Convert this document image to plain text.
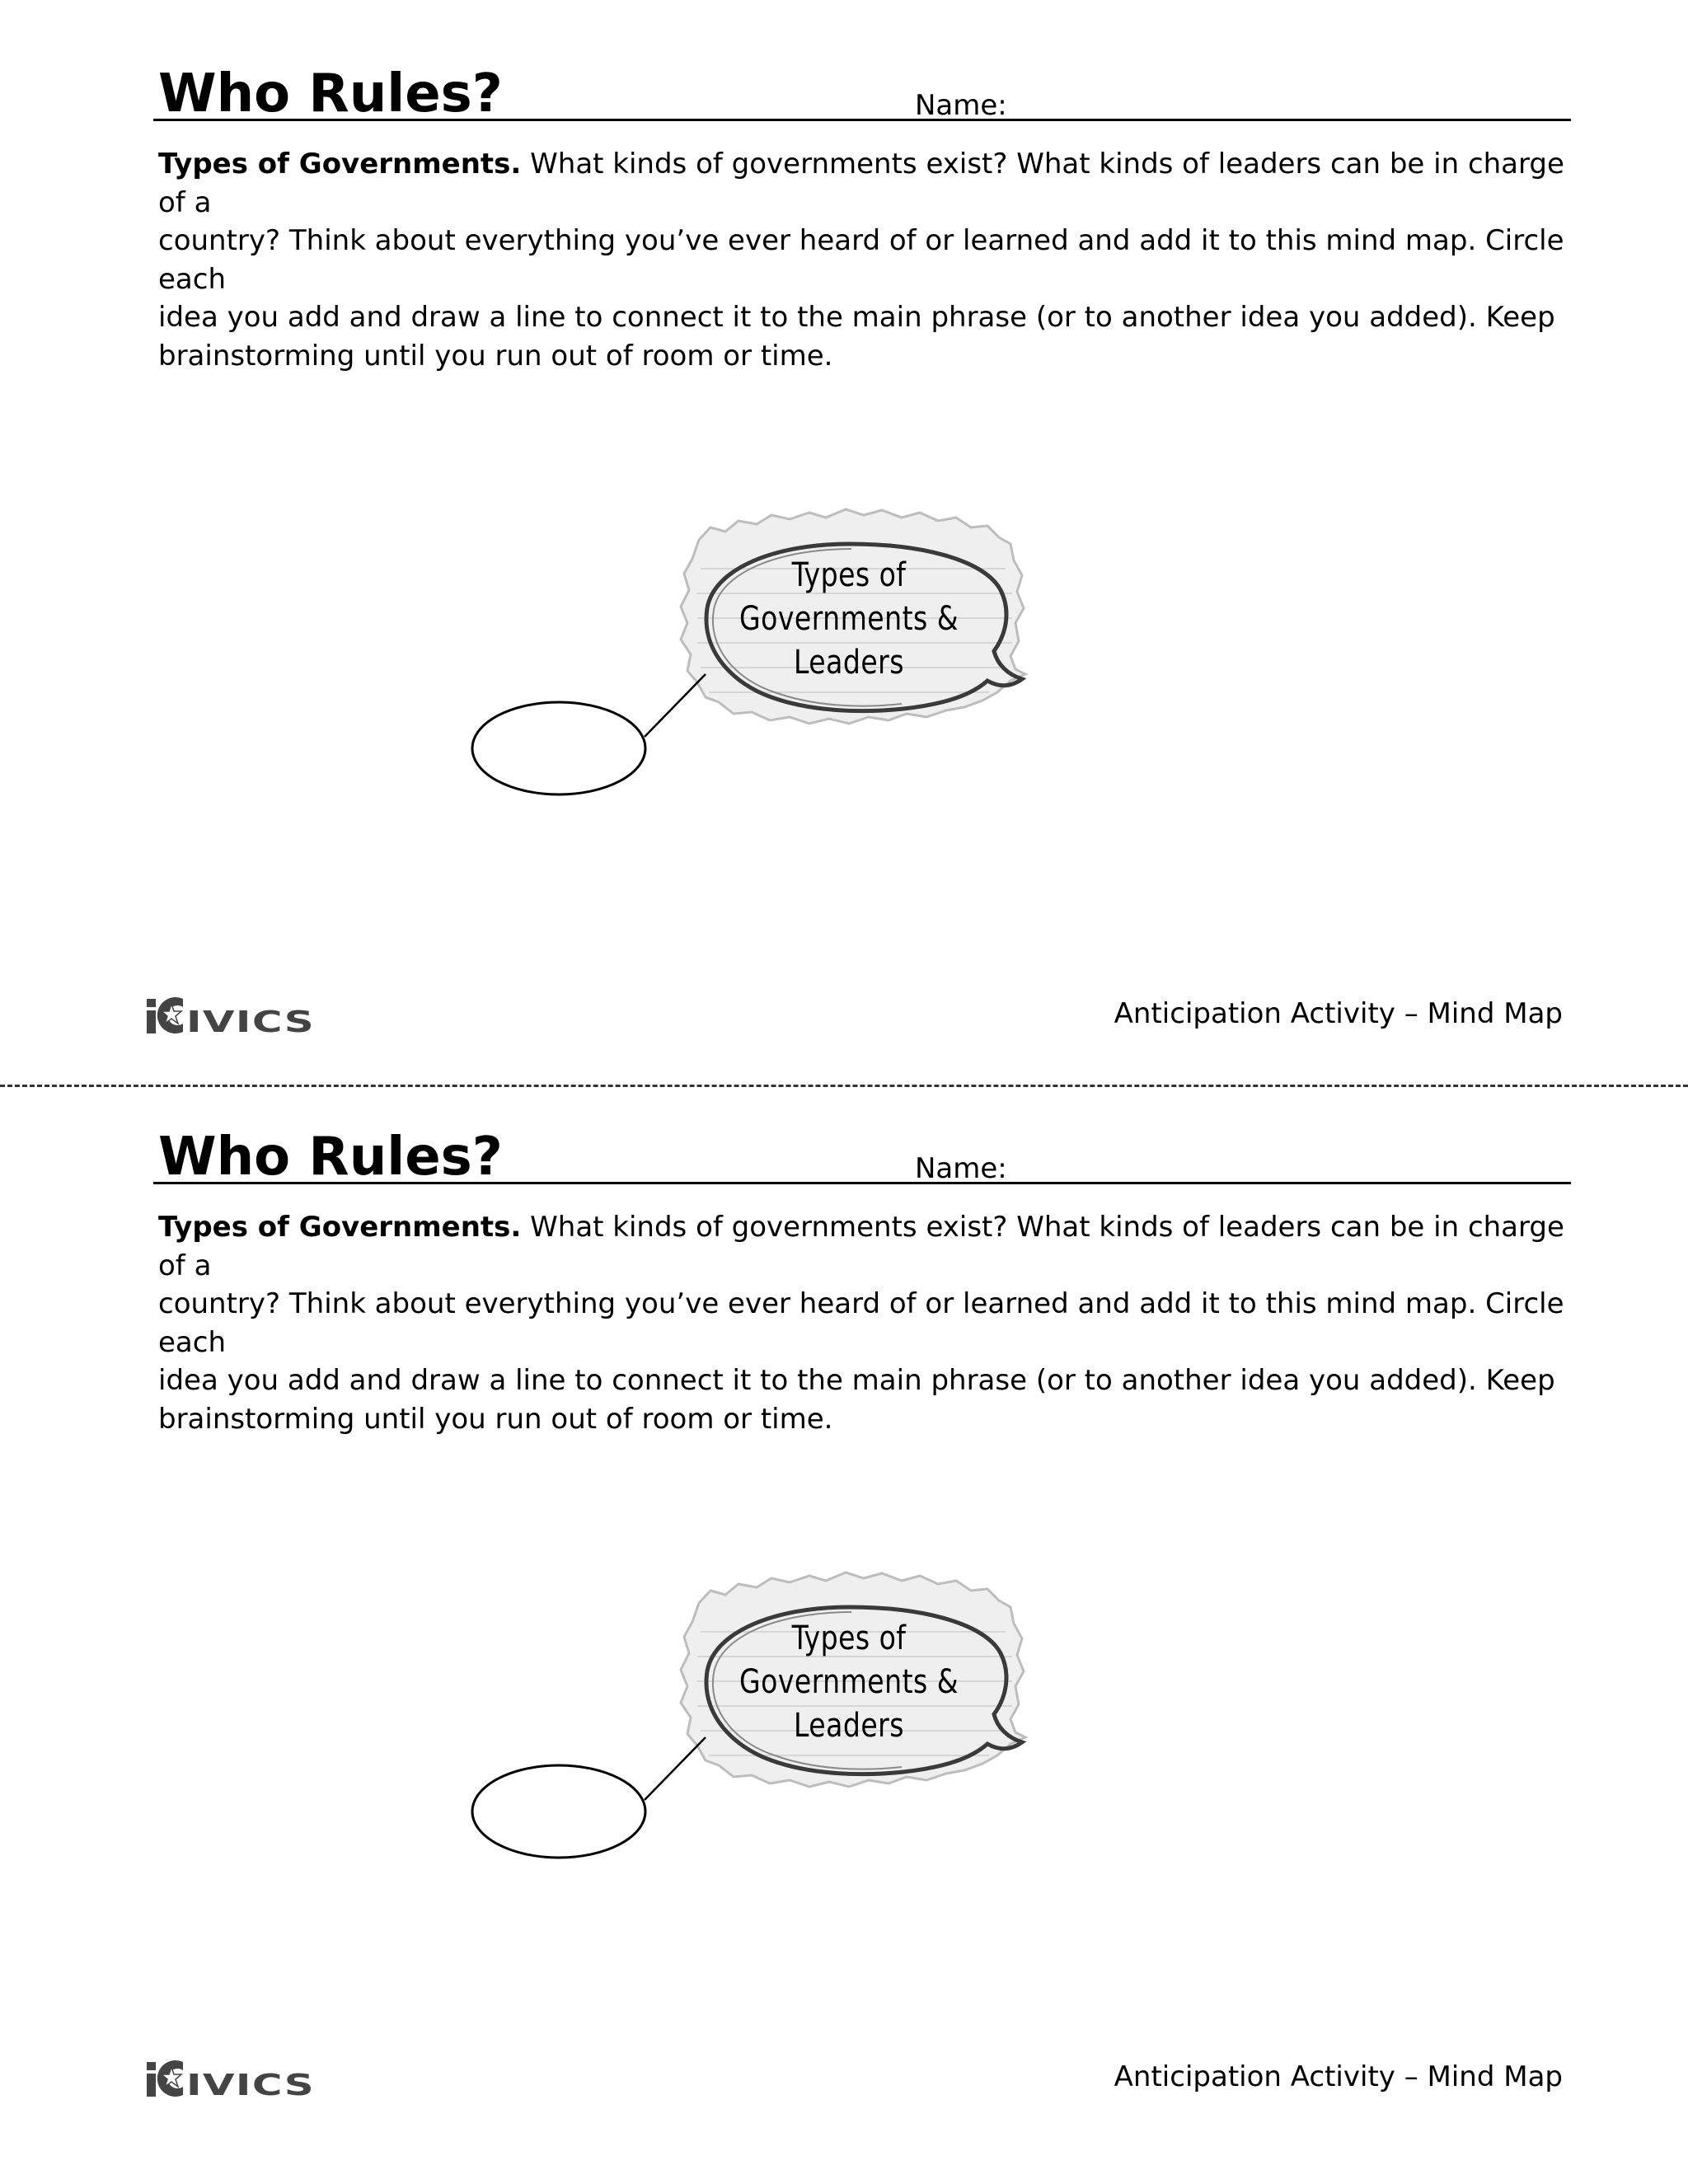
Who Rules?	Name:

Types of Governments. What kinds of governments exist? What kinds of leaders can be in charge of a
country? Think about everything you’ve ever heard of or learned and add it to this mind map. Circle each
idea you add and draw a line to connect it to the main phrase (or to another idea you added). Keep
brainstorming until you run out of room or time.

Types of
Governments &
Leaders
IVICS	Anticipation Activity – Mind Map
Who Rules?	Name:

Types of Governments. What kinds of governments exist? What kinds of leaders can be in charge of a
country? Think about everything you’ve ever heard of or learned and add it to this mind map. Circle each
idea you add and draw a line to connect it to the main phrase (or to another idea you added). Keep
brainstorming until you run out of room or time.

Types of
Governments &
Leaders
IVICS	Anticipation Activity – Mind Map
